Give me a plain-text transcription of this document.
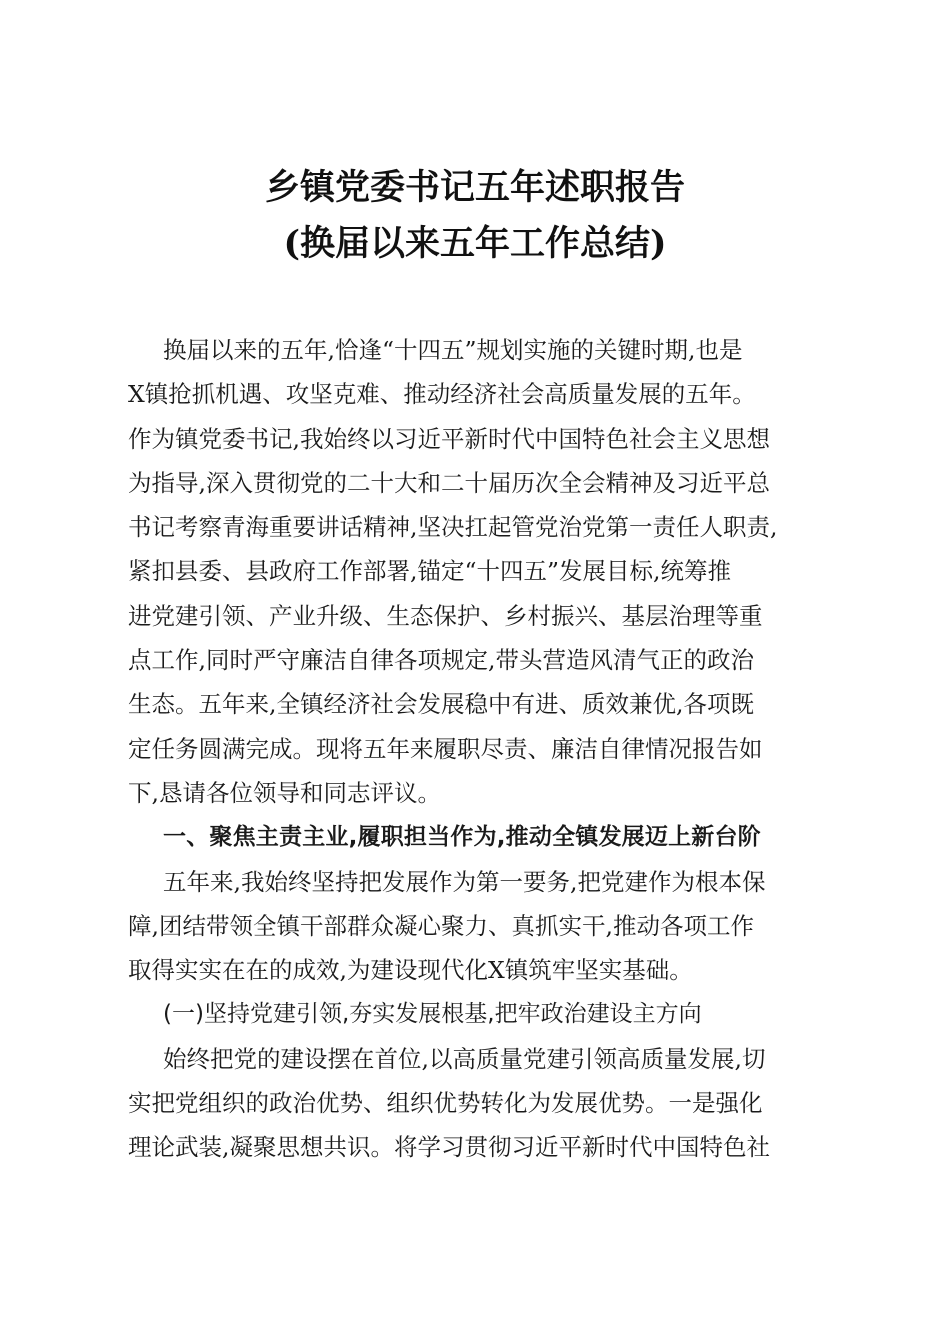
乡镇党委书记五年述职报告
(换届以来五年工作总结)
换届以来的五年,恰逢“十四五”规划实施的关键时期,也是
X镇抢抓机遇、攻坚克难、推动经济社会高质量发展的五年。
作为镇党委书记,我始终以习近平新时代中国特色社会主义思想
为指导,深入贯彻党的二十大和二十届历次全会精神及习近平总
书记考察青海重要讲话精神,坚决扛起管党治党第一责任人职责,
紧扣县委、县政府工作部署,锚定“十四五”发展目标,统筹推
进党建引领、产业升级、生态保护、乡村振兴、基层治理等重
点工作,同时严守廉洁自律各项规定,带头营造风清气正的政治
生态。五年来,全镇经济社会发展稳中有进、质效兼优,各项既
定任务圆满完成。现将五年来履职尽责、廉洁自律情况报告如
下,恳请各位领导和同志评议。
一、聚焦主责主业,履职担当作为,推动全镇发展迈上新台阶
五年来,我始终坚持把发展作为第一要务,把党建作为根本保
障,团结带领全镇干部群众凝心聚力、真抓实干,推动各项工作
取得实实在在的成效,为建设现代化X镇筑牢坚实基础。
(一)坚持党建引领,夯实发展根基,把牢政治建设主方向
始终把党的建设摆在首位,以高质量党建引领高质量发展,切
实把党组织的政治优势、组织优势转化为发展优势。一是强化
理论武装,凝聚思想共识。将学习贯彻习近平新时代中国特色社
